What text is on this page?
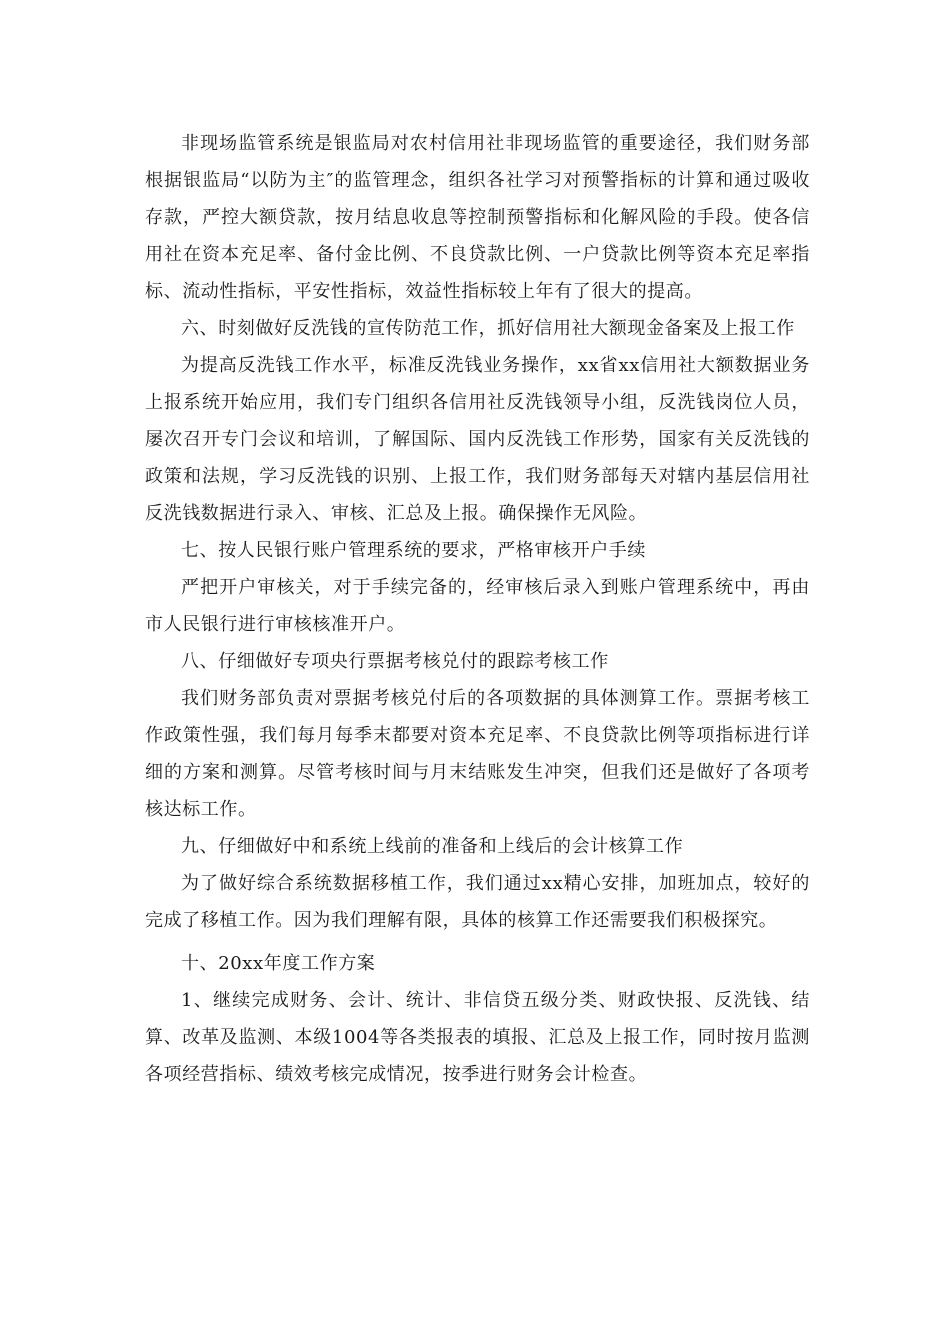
非现场监管系统是银监局对农村信用社非现场监管的重要途径，我们财务部根据银监局“以防为主″的监管理念，组织各社学习对预警指标的计算和通过吸收存款，严控大额贷款，按月结息收息等控制预警指标和化解风险的手段。使各信用社在资本充足率、备付金比例、不良贷款比例、一户贷款比例等资本充足率指标、流动性指标，平安性指标，效益性指标较上年有了很大的提高。

六、时刻做好反洗钱的宣传防范工作，抓好信用社大额现金备案及上报工作

为提高反洗钱工作水平，标准反洗钱业务操作，xx省xx信用社大额数据业务上报系统开始应用，我们专门组织各信用社反洗钱领导小组，反洗钱岗位人员，屡次召开专门会议和培训，了解国际、国内反洗钱工作形势，国家有关反洗钱的政策和法规，学习反洗钱的识别、上报工作，我们财务部每天对辖内基层信用社反洗钱数据进行录入、审核、汇总及上报。确保操作无风险。

七、按人民银行账户管理系统的要求，严格审核开户手续

严把开户审核关，对于手续完备的，经审核后录入到账户管理系统中，再由市人民银行进行审核核准开户。

八、仔细做好专项央行票据考核兑付的跟踪考核工作

我们财务部负责对票据考核兑付后的各项数据的具体测算工作。票据考核工作政策性强，我们每月每季末都要对资本充足率、不良贷款比例等项指标进行详细的方案和测算。尽管考核时间与月末结账发生冲突，但我们还是做好了各项考核达标工作。

九、仔细做好中和系统上线前的准备和上线后的会计核算工作

为了做好综合系统数据移植工作，我们通过xx精心安排，加班加点，较好的完成了移植工作。因为我们理解有限，具体的核算工作还需要我们积极探究。

十、20xx年度工作方案

1、继续完成财务、会计、统计、非信贷五级分类、财政快报、反洗钱、结算、改革及监测、本级1004等各类报表的填报、汇总及上报工作，同时按月监测各项经营指标、绩效考核完成情况，按季进行财务会计检查。
